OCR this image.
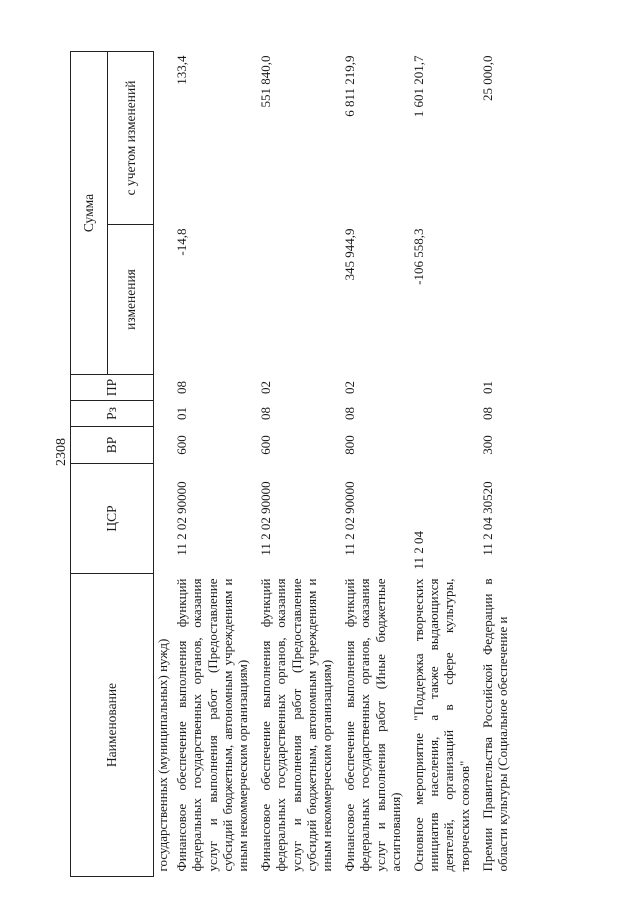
2308
Наименование	ЦСР	ВР	Рз	ПР	Сумма	
					изменения	с учетом изменений
государственных (муниципальных) нужд)						
Финансовое обеспечение выполнения функций федеральных государственных органов, оказания услуг и выполнения работ (Предоставление субсидий бюджетным, автономным учреждениям и иным некоммерческим организациям)	11 2 02 90000	600	01	08	-14,8	133,4
Финансовое обеспечение выполнения функций федеральных государственных органов, оказания услуг и выполнения работ (Предоставление субсидий бюджетным, автономным учреждениям и иным некоммерческим организациям)	11 2 02 90000	600	08	02		551 840,0
Финансовое обеспечение выполнения функций федеральных государственных органов, оказания услуг и выполнения работ (Иные бюджетные ассигнования)	11 2 02 90000	800	08	02	345 944,9	6 811 219,9
Основное мероприятие "Поддержка творческих инициатив населения, а также выдающихся деятелей, организаций в сфере культуры, творческих союзов"	11 2 04				-106 558,3	1 601 201,7
Премии Правительства Российской Федерации в области культуры (Социальное обеспечение и	11 2 04 30520	300	08	01		25 000,0
